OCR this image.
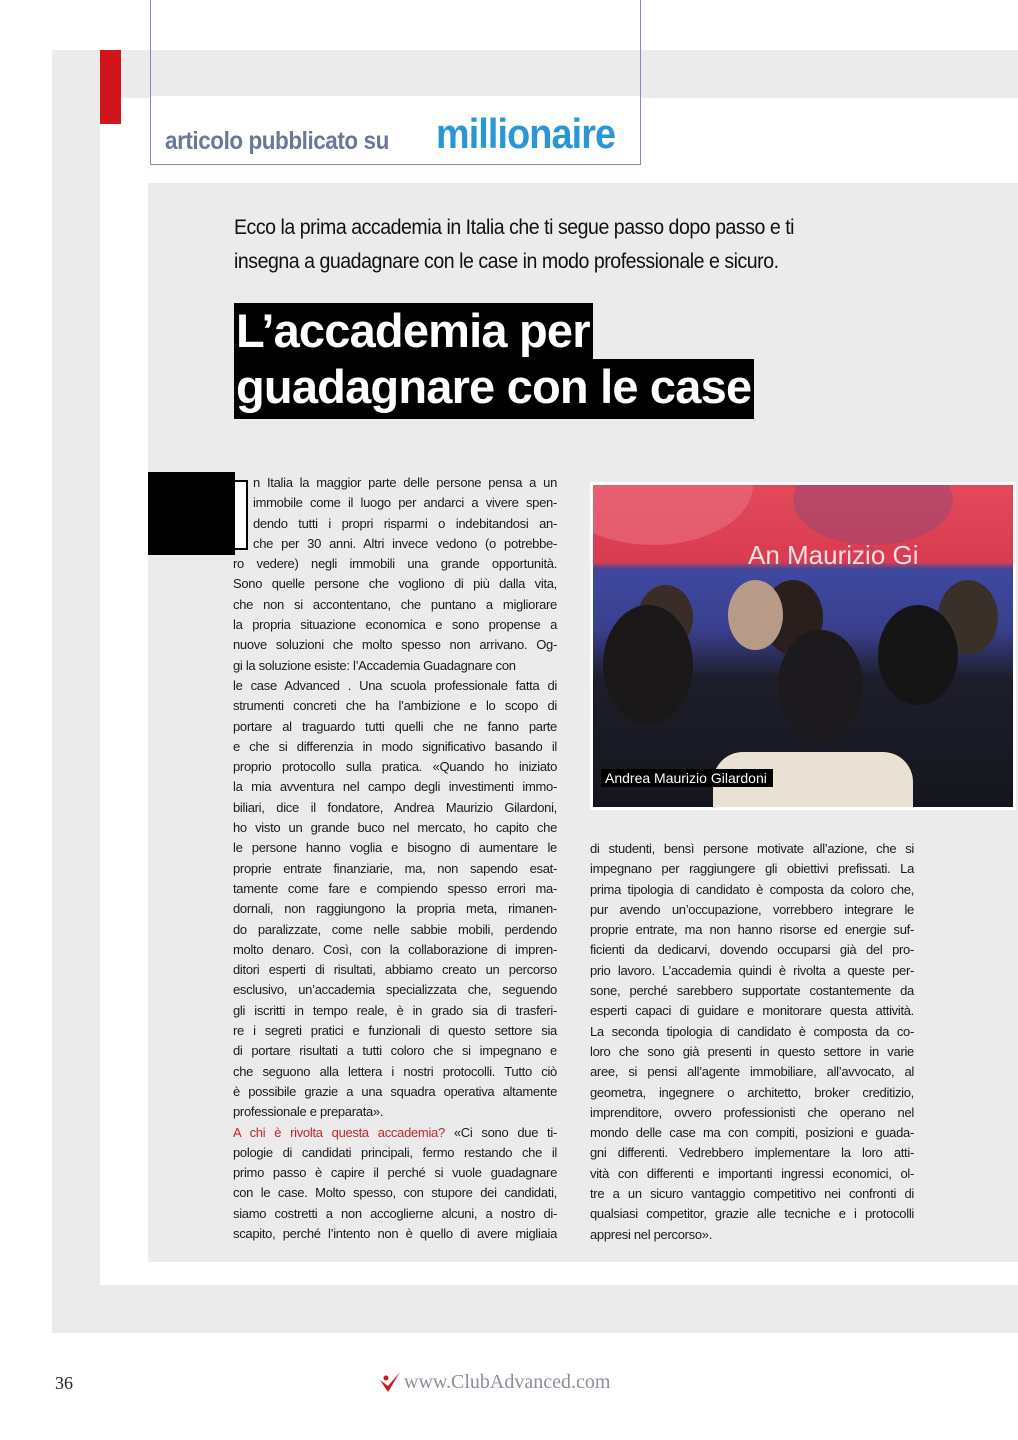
articolo pubblicato su millionaire
Ecco la prima accademia in Italia che ti segue passo dopo passo e ti
insegna a guadagnare con le case in modo professionale e sicuro.
L’accademia per
guadagnare con le case
n Italia la maggior parte delle persone pensa a un
immobile come il luogo per andarci a vivere spen-
dendo tutti i propri risparmi o indebitandosi an-
che per 30 anni. Altri invece vedono (o potrebbe-
ro vedere) negli immobili una grande opportunità.
Sono quelle persone che vogliono di più dalla vita,
che non si accontentano, che puntano a migliorare
la propria situazione economica e sono propense a
nuove soluzioni che molto spesso non arrivano. Og-
gi la soluzione esiste: l’Accademia Guadagnare con
le case Advanced . Una scuola professionale fatta di
strumenti concreti che ha l’ambizione e lo scopo di
portare al traguardo tutti quelli che ne fanno parte
e che si differenzia in modo significativo basando il
proprio protocollo sulla pratica. «Quando ho iniziato
la mia avventura nel campo degli investimenti immo-
biliari, dice il fondatore, Andrea Maurizio Gilardoni,
ho visto un grande buco nel mercato, ho capito che
le persone hanno voglia e bisogno di aumentare le
proprie entrate finanziarie, ma, non sapendo esat-
tamente come fare e compiendo spesso errori ma-
dornali, non raggiungono la propria meta, rimanen-
do paralizzate, come nelle sabbie mobili, perdendo
molto denaro. Così, con la collaborazione di impren-
ditori esperti di risultati, abbiamo creato un percorso
esclusivo, un’accademia specializzata che, seguendo
gli iscritti in tempo reale, è in grado sia di trasferi-
re i segreti pratici e funzionali di questo settore sia
di portare risultati a tutti coloro che si impegnano e
che seguono alla lettera i nostri protocolli. Tutto ciò
è possibile grazie a una squadra operativa altamente
professionale e preparata».
A chi è rivolta questa accademia? «Ci sono due ti-
pologie di candidati principali, fermo restando che il
primo passo è capire il perché si vuole guadagnare
con le case. Molto spesso, con stupore dei candidati,
siamo costretti a non accoglierne alcuni, a nostro di-
scapito, perché l’intento non è quello di avere migliaia
di studenti, bensì persone motivate all’azione, che si
impegnano per raggiungere gli obiettivi prefissati. La
prima tipologia di candidato è composta da coloro che,
pur avendo un’occupazione, vorrebbero integrare le
proprie entrate, ma non hanno risorse ed energie suf-
ficienti da dedicarvi, dovendo occuparsi già del pro-
prio lavoro. L’accademia quindi è rivolta a queste per-
sone, perché sarebbero supportate costantemente da
esperti capaci di guidare e monitorare questa attività.
La seconda tipologia di candidato è composta da co-
loro che sono già presenti in questo settore in varie
aree, si pensi all’agente immobiliare, all’avvocato, al
geometra, ingegnere o architetto, broker creditizio,
imprenditore, ovvero professionisti che operano nel
mondo delle case ma con compiti, posizioni e guada-
gni differenti. Vedrebbero implementare la loro atti-
vità con differenti e importanti ingressi economici, ol-
tre a un sicuro vantaggio competitivo nei confronti di
qualsiasi competitor, grazie alle tecniche e i protocolli
appresi nel percorso».
An Maurizio Gi
Andrea Maurizio Gilardoni
36	www.ClubAdvanced.com
